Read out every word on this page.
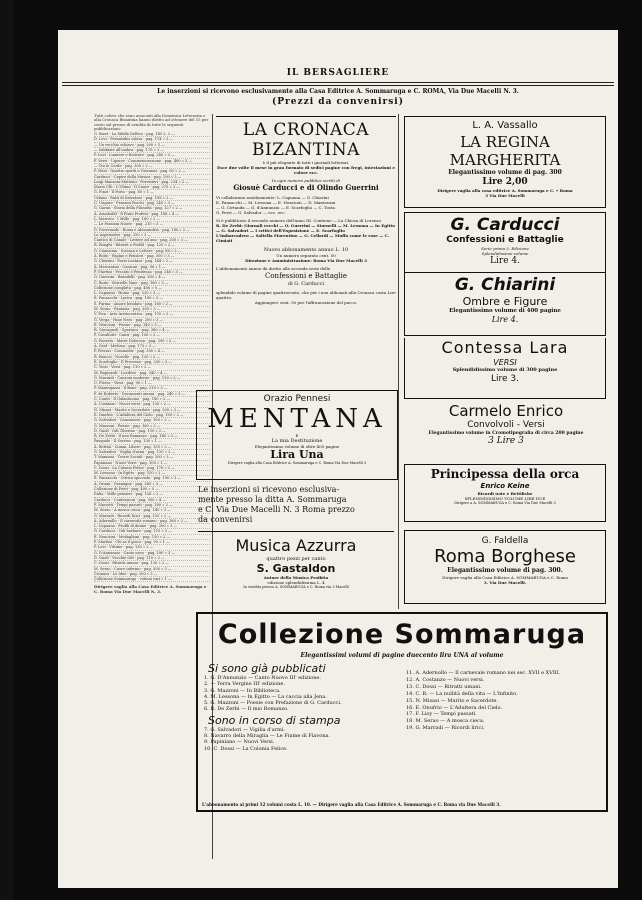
IL BERSAGLIERE
Le inserzioni si ricevono esclusivamente alla Casa Editrice A. Sommaruga e C. ROMA, Via Due Macelli N. 3.
(Prezzi da convenirsi)
Tutti coloro che sono associati alla Domenica Letteraria e alla Cronaca Bizantina hanno diritto ad ottenere del 15 per cento sul prezzo di vendita di tutte le seguenti pubblicazioni:
G. Bizet - La Sibilla Delfica - pag. 145 L. 2 —
D. Levi - Permisides otiosa - pag. 174 » 3 —
— Un vecchio schiavo - pag. 200 » 3 —
— Sabbiate all'ombra - pag. 176 » 2 —
P. Levi - Lumiere e fioriture - pag. 240 » 3 —
F. Verri - Ugonee - Commemorazione - pag. 400 » 3 —
— Tra le Corde - pag. 300 » 2 —
P. Mesi - Quattro spiriti e Giovanni - pag. 82 » 2 —
Carducci - Capire della Musica - pag. 100 » 3 —
Luigi Manzoni-Matteini - Forestieri - pag. 234 » 2 —
Mario Ulli - L'Ultimi - Il Cuore - pag. 270 » 3 —
G. Finzi - Il Porto - pag. 80 » 1 —
Urbani - Ratti di Salvatore - pag. 198 » 2 —
U. Ungaro - Frassini Foschi - pag. 240 » 3 —
G. Garini - Storia della Filosofia - pag. 127 » 2 —
A. Arnaboldi - Il Finto Profeta - pag. 188 » 4 —
L. Maresto - I Mille - pag. 180 » 2 —
— Le Passioni Nuove - pag. 210 » 3 —
D. Provenzale - Roma e Alessandria - pag. 180 » 2 —
Le Aspettative - pag. 250 » 3 —
Cantico di Canale - Lettere ad una - pag. 200 » 3 —
R. Bonghi - Ritratti e Profili - pag. 120 » 2 —
G. Ciamician - Scienza e Lettere - pag. 88 » 2 —
A. Boito - Pagine e Pensieri - pag. 300 » 3 —
G. Chiarini - Paesi Lontani - pag. 144 » 2 —
A. Mercantini - Canzoni - pag. 96 » 1 —
F. Martini - Peccato e Penitenza - pag. 240 » 3 —
O. Guerrini - Brandelli - pag. 260 » 4 —
C. Boito - Storielle Vane - pag. 180 » 3 —
Collezione completa - pag. 400 » 5 —
L. Capuana - Homo - pag. 220 » 3 —
E. Panzacchi - Lyrica - pag. 190 » 3 —
S. Farina - Amore bendato - pag. 160 » 2 —
M. Serao - Fantasia - pag. 300 » 3 —
V. Pica - Arte Aristocratica - pag. 110 » 2 —
G. Verga - Pane Nero - pag. 200 » 3 —
E. Nencioni - Poesie - pag. 140 » 3 —
R. Giovagnoli - Spartaco - pag. 380 » 4 —
F. Cavallotti - Canti - pag. 156 » 2 —
G. Rovetta - Mater Dolorosa - pag. 290 » 3 —
A. Graf - Medusa - pag. 175 » 3 —
P. Ferrari - Commedie - pag. 300 » 4 —
R. Bracco - Novelle - pag. 120 » 2 —
E. Scarfoglio - Il Processo - pag. 250 » 3 —
C. Tosti - Versi - pag. 110 » 2 —
M. Rapisardi - Lucifero - pag. 340 » 4 —
G. Marradi - Canzoni moderne - pag. 130 » 2 —
U. Fleres - Versi - pag. 90 » 1 —
P. Mantegazza - Il Bene - pag. 210 » 3 —
F. de Roberto - Documenti umani - pag. 240 » 3 —
C. Cantù - Il Galantuomo - pag. 180 » 2 —
A. Costanzo - Nuovi versi - pag. 120 » 2 —
N. Misasi - Marito e Sacerdote - pag. 200 » 3 —
E. Onufrio - L'Adultera del Cielo - pag. 150 » 2 —
G. Salvadori - Canzoniere - pag. 100 » 2 —
G. Mazzoni - Poesie - pag. 160 » 2 —
D. Gnoli - Odi Tiberine - pag. 110 » 2 —
R. De Zerbi - Il mio Romanzo - pag. 140 » 2 —
Pasquale - Il Sorriso - pag. 130 » 1 —
A. Bettini - Comm. Libere - pag. 155 » 2 —
G. Salvadori - Vigilia d'armi - pag. 120 » 2 —
T. Mamiani - Teorie Sociali - pag. 200 » 3 —
Papiniano - Nuovi Versi - pag. 100 » 1 —
C. Dossi - La Colonia Felice - pag. 170 » 2 —
M. Lessona - In Egitto - pag. 150 » 2 —
E. Panzacchi - Critica spicciola - pag. 190 » 3 —
A. Oriani - Gramigne - pag. 260 » 3 —
Collezione di Poeti - pag. 400 » 5 —
Italia - Mille pensieri - pag. 126 » 2 —
Carducci - Confessioni - pag. 300 » 4 —
F. Mariotti - Tempi passati - pag. 180 » 2 —
M. Serao - A mosca cieca - pag. 140 » 2 —
G. Marradi - Ricordi lirici - pag. 120 » 2 —
A. Adernollo - Il carnevale romano - pag. 160 » 2 —
L. Capuana - Profili di donne - pag. 200 » 3 —
G. Carducci - Odi barbare - pag. 110 » 2 —
E. Nencioni - Medaglioni - pag. 150 » 2 —
F. Martini - Chi sa il gioco - pag. 95 » 1 —
P. Levi - Vittime - pag. 130 » 2 —
G. D'Annunzio - Canto novo - pag. 180 » 3 —
D. Gnoli - Vecchie Odi - pag. 110 » 2 —
C. Dossi - Ritratti umani - pag. 120 » 2 —
M. Serao - Cuore infermo - pag. 300 » 3 —
Cronaca - Le Idee - pag. 200 » 3 —
Collezione Sommaruga - volumi vari » 1 —
Dirigere vaglia alla Casa Editrice A. Sommaruga e C. Roma Via Due Macelli N. 3.
LA CRONACA BIZANTINA
è il più elegante di tutti i giornali letterari.
Esce due volte il mese in gran formato di sedici pagine con fregi, intestazioni e colore ecc.
In ogni numero pubblica scritti di
Giosuè Carducci e di Olindo Guerrini
Vi collaborano assiduamente: L. Capuana — G. Chiarini
E. Panzacchi — M. Lessona — E. Nencioni — D. Mantovani
— G. Cirtanda — G. d'Annunzio — E. Scarfoglio — C. Tosta
G. Ferri — G. Salvador — ecc. ecc.
Si è pubblicato il secondo numero dell'anno III. Contiene — La Chiosa di Lorenzo
R. De Zerbi: Giornali vecchi — O. Guerrini — Stornelli — M. Lessona — In Egitto — G. Salvadori — I critici dell'Esposizione — E. Scarfoglio
L'Imbarcadero — Saltella Fiorentino — G. Cellardi — Muffa come le rose — C. Cimiati
Nuovo abbonamento annuo L. 10
Un numero separato cent. 50
Direzione e Amministrazione: Roma Via Due Macelli 3
L'abbonamento annuo dà diritto alla seconda serie delle
Confessioni e Battaglie
di G. Carducci
splendido volume di pagine quattrocento, che per i non abbonati alla Cronaca costa Lire quattro.
Aggiungere cent. 50 per l'affrancazione del pacco.
Orazio Pennesi
MENTANA
E
La mia Destituzione
Elegantissimo volume di oltre 400 pagine
Lira Una
Dirigere vaglia alla Casa Editrice A. Sommaruga e C. Roma Via Due Macelli 3
Le inserzioni si ricevono esclusiva-
mente presso la ditta A. Sommaruga
e C. Via Due Macelli N. 3 Roma prezzo
da convenirsi
Musica Azzurra
quattro pezzi per canto
S. Gastaldon
Autore della Musica Proibita
edizione splendidissima L. 4
In vendita presso A. SOMMARUGA e C. Roma via 3 Macelli
L. A. Vassallo
LA REGINA MARGHERITA
Elegantissimo volume di pag. 300
Lire 2,00
Dirigere vaglia alla casa editrice A. Sommaruga e C. • Roma
3 Via Due Macelli
G. Carducci
Confessioni e Battaglie
Serie prima 3. Edizione
Splendidissimo volume
Lire 4.
G. Chiarini
Ombre e Figure
Elegantissimo volume di 400 pagine
Lire 4.
Contessa Lara
VERSI
Splendidissimo volume di 300 pagine
Lire 3.
Carmelo Enrico
Convolvoli - Versi
Elegantissimo volume in Cromotipografia di circa 200 pagine
3 Lire 3
Principessa della orca
Enrico Keine
Ricordi note e Rettifiche
SPLENDIDISSIMO VOLUME LIRE DUE
Dirigere a A. SOMMARUGA e C. Roma Via Due Macelli 3
G. Faldella
Roma Borghese
Elegantissimo volume di pag. 300.
Dirigere vaglia alla Casa Editrice A. SOMMARUGA e C. Roma
3. Via Due Macelli.
Collezione Sommaruga
Elegantissimi volumi di pagine duecento lira UNA al volume
Si sono già pubblicati
1. G. D'Annunzio — Canto Nuovo III' edizione.
2. — Terra Vergine III' edizione.
3. G. Mazzoni — In Biblioteca.
4. M. Lessona — In Egitto — La caccia alla Jena.
5. G. Mazzoni — Poesie con Prefazione di G. Carducci.
6. R. De Zerbi — Il mio Romanzo.
Sono in corso di stampa
7. G. Salvadori — Vigilia d'armi.
8. Navarro della Miraglia — Le Fiume di Flavona.
9. Papiniano — Nuovi Versi.
10. C. Dossi — La Colonia Felice.
11. A. Adernollo — Il carnevale romano nei sec. XVII e XVIII.
12. A. Costanzo — Nuovi versi.
13. C. Dossi — Ritratti umani.
14. C. R. — La nullità della vita — L'Infinito.
15. N. Misasi — Marito e Sacerdote.
16. E. Onufrio — L'Adultera del Cielo.
17. F. Lioy — Tempi passati.
18. M. Serao — A mosca cieca.
19. G. Marradi — Ricordi lirici.
L'abbonamento ai primi 12 volumi costa L. 10. — Dirigere vaglia alla Casa Editrice A. Sommaruga e C. Roma via Due Macelli 3.
